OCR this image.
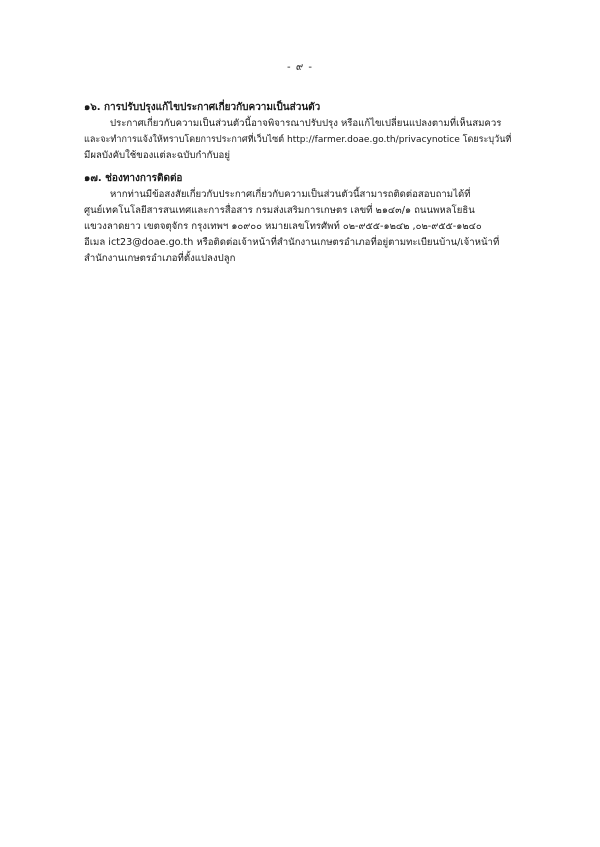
- ๙ -

๑๖. การปรับปรุงแก้ไขประกาศเกี่ยวกับความเป็นส่วนตัว

ประกาศเกี่ยวกับความเป็นส่วนตัวนี้อาจพิจารณาปรับปรุง หรือแก้ไขเปลี่ยนแปลงตามที่เห็นสมควร
และจะทำการแจ้งให้ทราบโดยการประกาศที่เว็บไซต์ http://farmer.doae.go.th/privacynotice โดยระบุวันที่
มีผลบังคับใช้ของแต่ละฉบับกำกับอยู่

๑๗. ช่องทางการติดต่อ

หากท่านมีข้อสงสัยเกี่ยวกับประกาศเกี่ยวกับความเป็นส่วนตัวนี้สามารถติดต่อสอบถามได้ที่
ศูนย์เทคโนโลยีสารสนเทศและการสื่อสาร กรมส่งเสริมการเกษตร เลขที่ ๒๑๔๓/๑ ถนนพหลโยธิน
แขวงลาดยาว เขตจตุจักร กรุงเทพฯ ๑๐๙๐๐ หมายเลขโทรศัพท์ ๐๒-๙๕๕-๑๒๔๒ ,๐๒-๙๕๕-๑๒๔๐
อีเมล ict23@doae.go.th หรือติดต่อเจ้าหน้าที่สำนักงานเกษตรอำเภอที่อยู่ตามทะเบียนบ้าน/เจ้าหน้าที่
สำนักงานเกษตรอำเภอที่ตั้งแปลงปลูก
